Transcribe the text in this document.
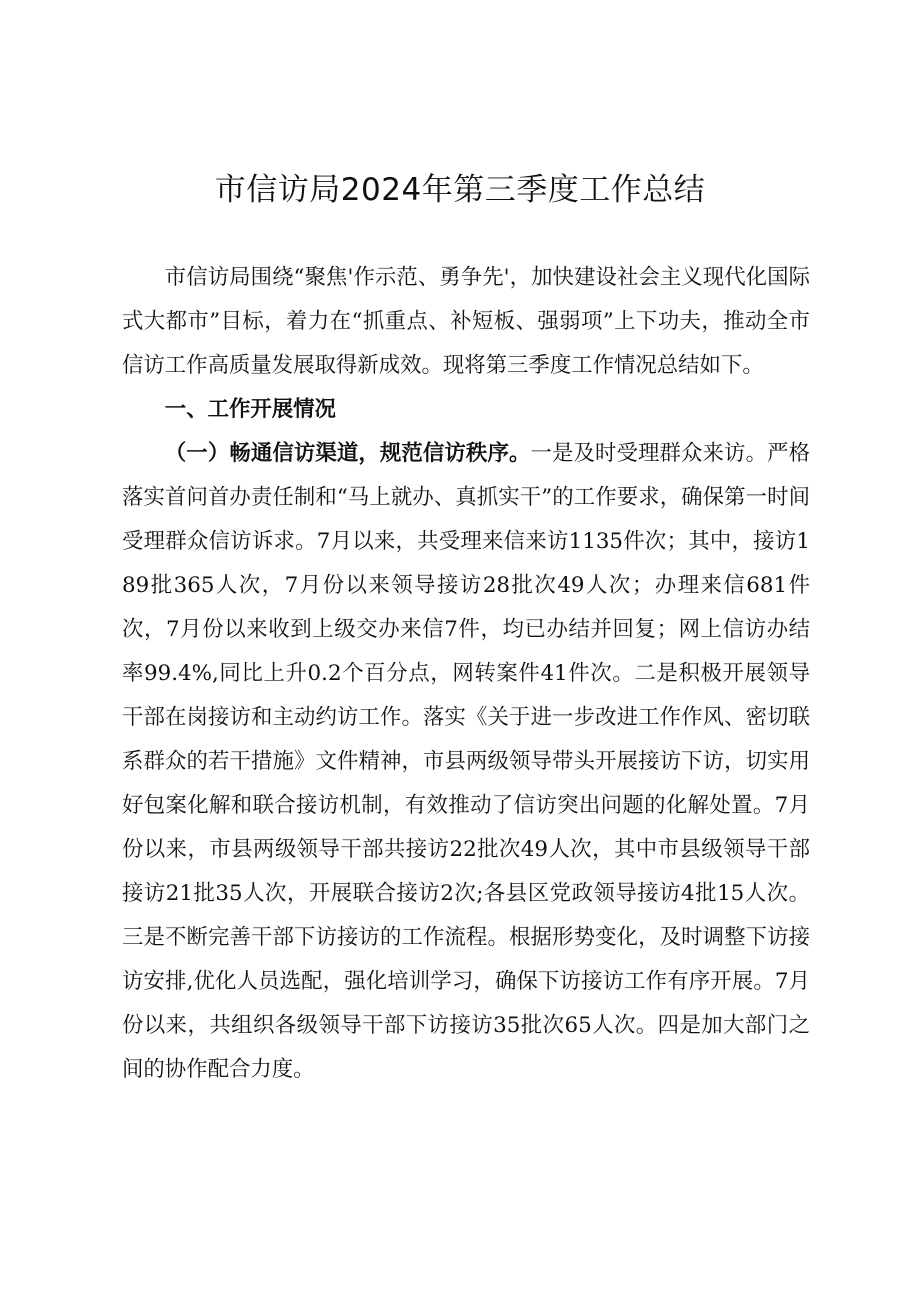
市信访局2024年第三季度工作总结

市信访局围绕“聚焦'作示范、勇争先'，加快建设社会主义现代化国际式大都市”目标，着力在“抓重点、补短板、强弱项”上下功夫，推动全市信访工作高质量发展取得新成效。现将第三季度工作情况总结如下。

一、工作开展情况

（一）畅通信访渠道，规范信访秩序。一是及时受理群众来访。严格落实首问首办责任制和“马上就办、真抓实干”的工作要求，确保第一时间受理群众信访诉求。7月以来，共受理来信来访1135件次；其中，接访189批365人次，7月份以来领导接访28批次49人次；办理来信681件次，7月份以来收到上级交办来信7件，均已办结并回复；网上信访办结率99.4%,同比上升0.2个百分点，网转案件41件次。二是积极开展领导干部在岗接访和主动约访工作。落实《关于进一步改进工作作风、密切联系群众的若干措施》文件精神，市县两级领导带头开展接访下访，切实用好包案化解和联合接访机制，有效推动了信访突出问题的化解处置。7月份以来，市县两级领导干部共接访22批次49人次，其中市县级领导干部接访21批35人次，开展联合接访2次;各县区党政领导接访4批15人次。三是不断完善干部下访接访的工作流程。根据形势变化，及时调整下访接访安排,优化人员选配，强化培训学习，确保下访接访工作有序开展。7月份以来，共组织各级领导干部下访接访35批次65人次。四是加大部门之间的协作配合力度。
